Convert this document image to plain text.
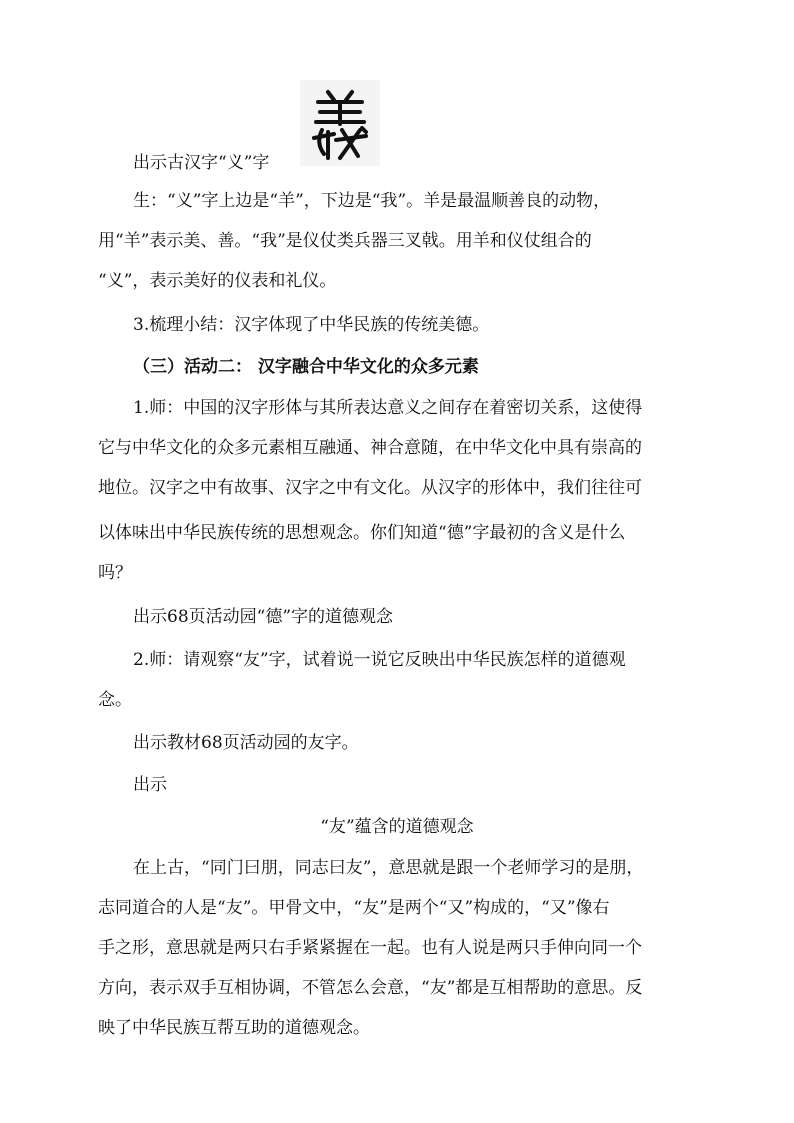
出示古汉字“义”字
生：“义”字上边是“羊”，下边是“我”。羊是最温顺善良的动物，
用“羊”表示美、善。“我”是仪仗类兵器三叉戟。用羊和仪仗组合的
“义”，表示美好的仪表和礼仪。
3.梳理小结：汉字体现了中华民族的传统美德。
（三）活动二： 汉字融合中华文化的众多元素
1.师：中国的汉字形体与其所表达意义之间存在着密切关系，这使得
它与中华文化的众多元素相互融通、神合意随，在中华文化中具有崇高的
地位。汉字之中有故事、汉字之中有文化。从汉字的形体中，我们往往可
以体味出中华民族传统的思想观念。你们知道“德”字最初的含义是什么
吗？
出示68页活动园“德”字的道德观念
2.师：请观察“友”字，试着说一说它反映出中华民族怎样的道德观
念。
出示教材68页活动园的友字。
出示
“友”蕴含的道德观念
在上古，“同门曰朋，同志曰友”，意思就是跟一个老师学习的是朋，
志同道合的人是“友”。甲骨文中，“友”是两个“又”构成的，“又”像右
手之形，意思就是两只右手紧紧握在一起。也有人说是两只手伸向同一个
方向，表示双手互相协调，不管怎么会意，“友”都是互相帮助的意思。反
映了中华民族互帮互助的道德观念。
